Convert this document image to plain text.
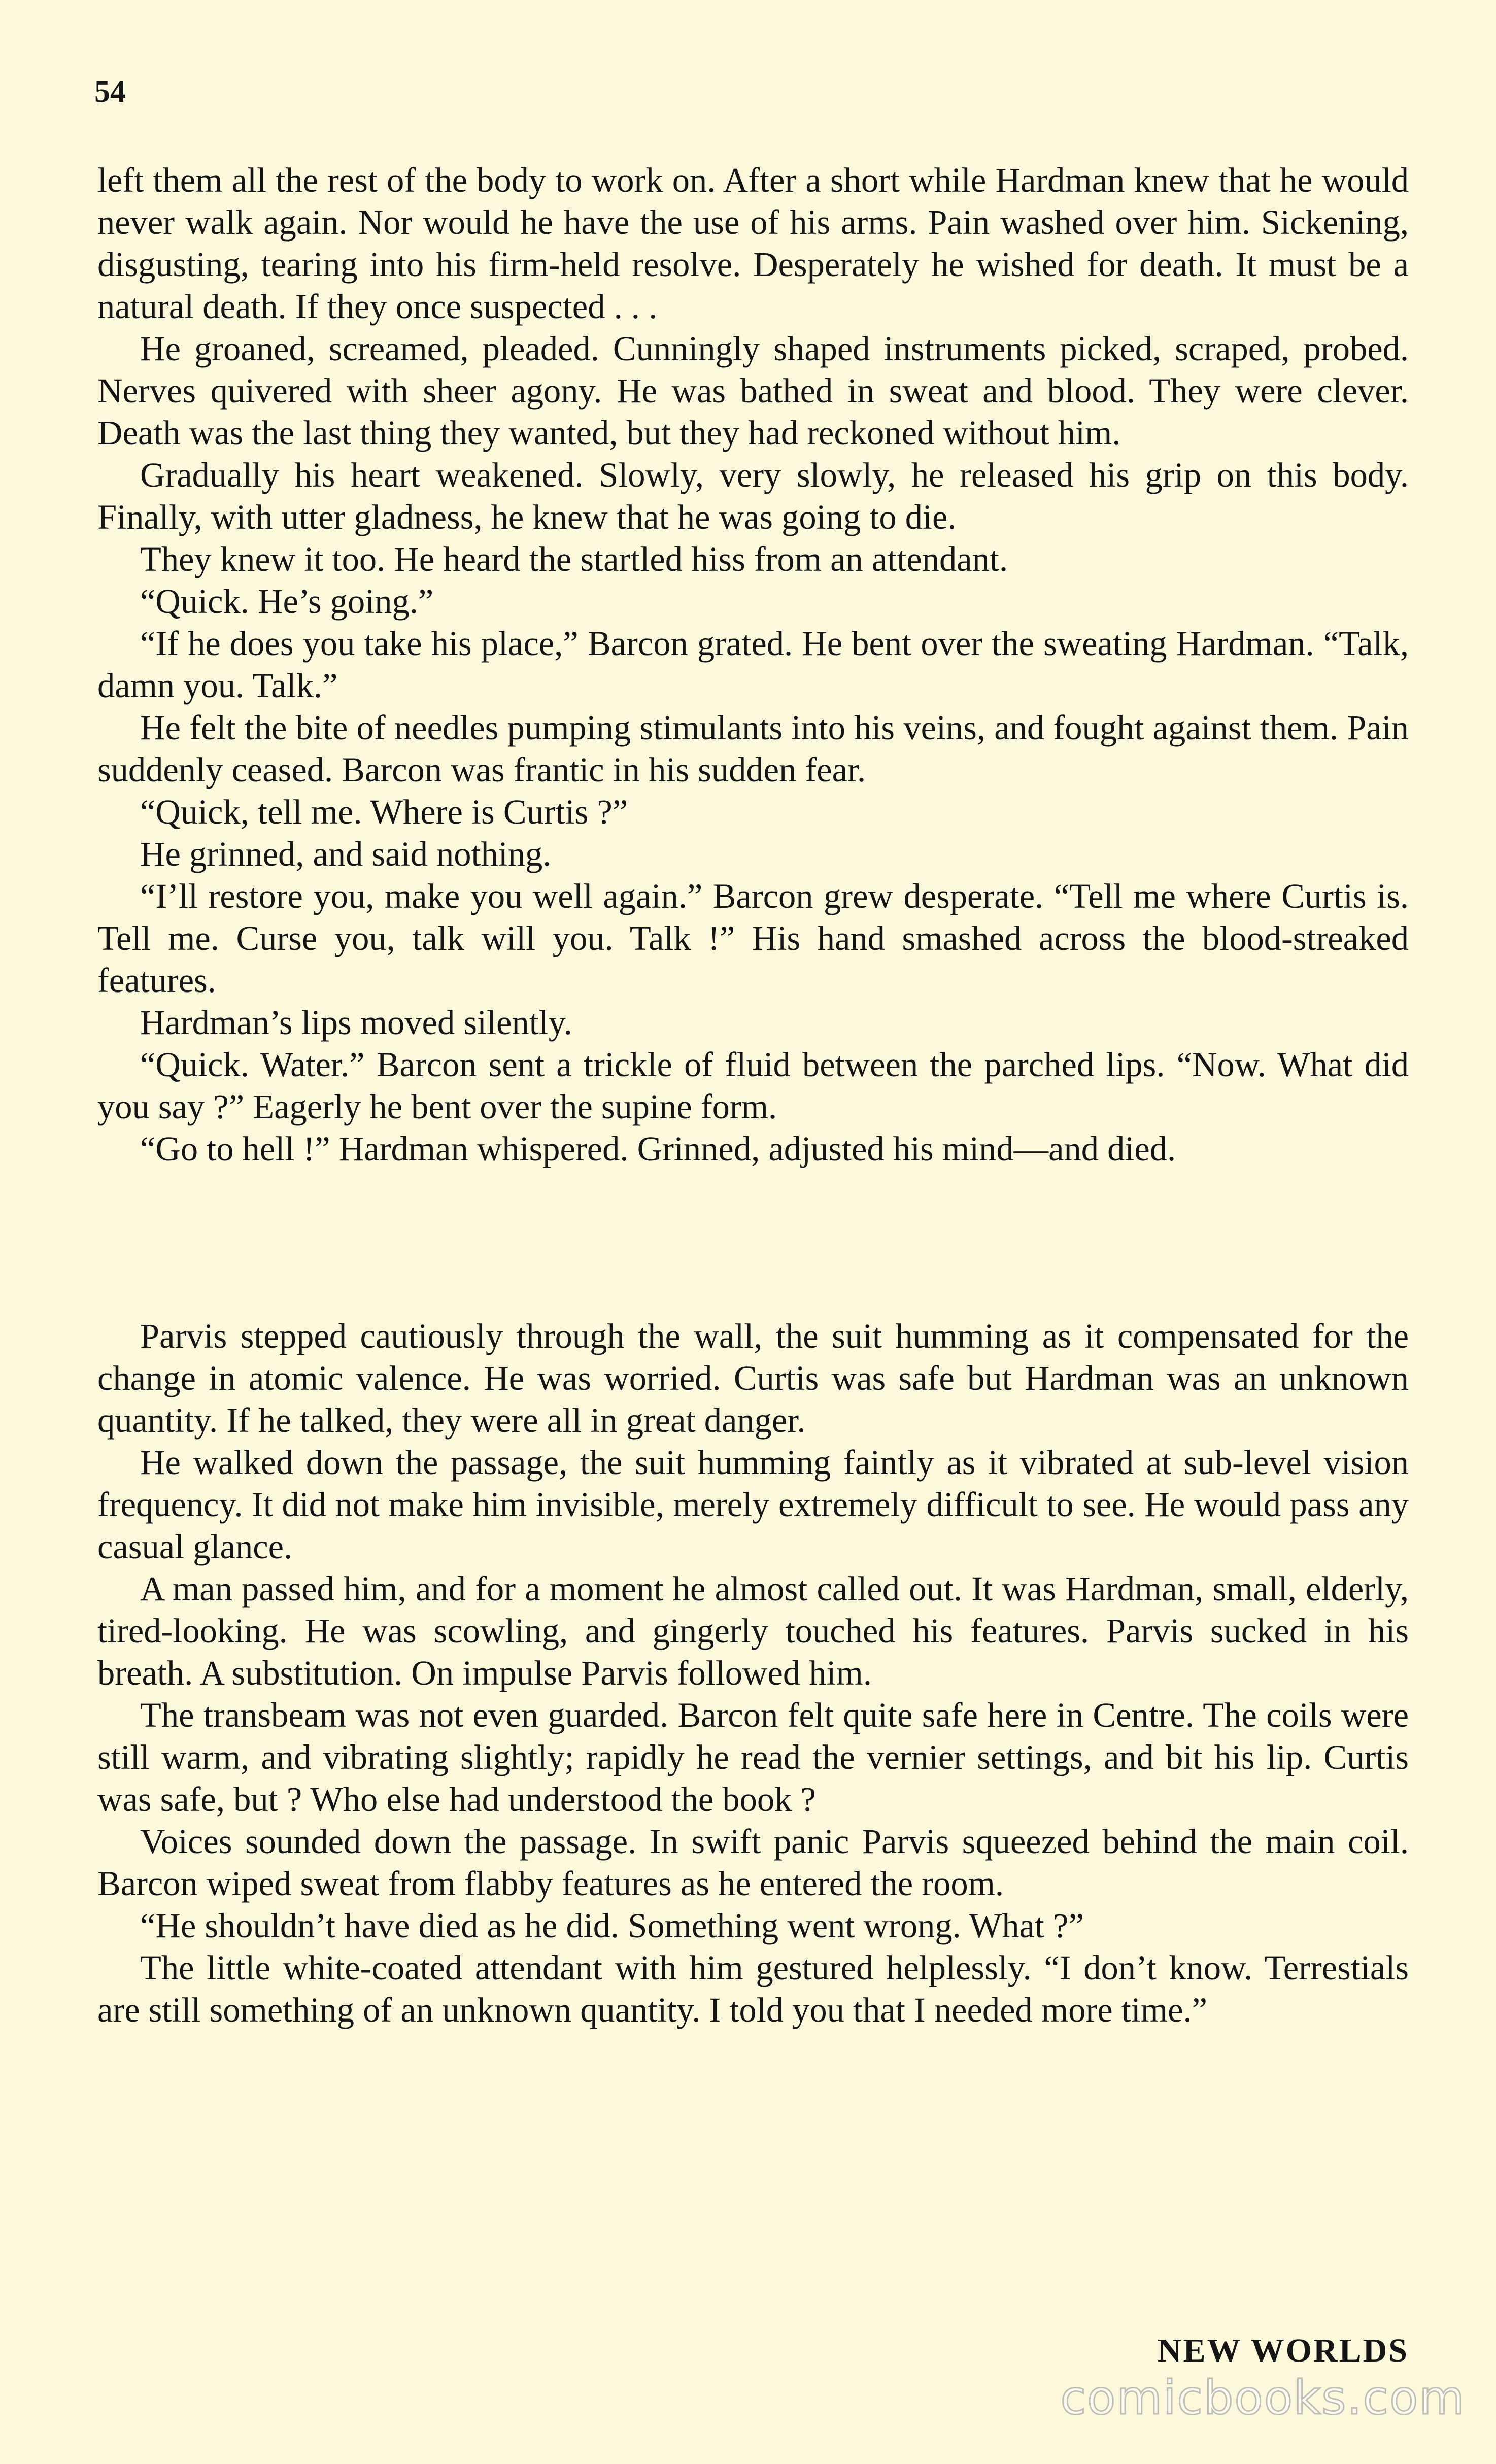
54

left them all the rest of the body to work on. After a short while Hardman knew that he would never walk again. Nor would he have the use of his arms. Pain washed over him. Sickening, disgusting, tearing into his firm-held resolve. Desperately he wished for death. It must be a natural death. If they once suspected . . .

He groaned, screamed, pleaded. Cunningly shaped instruments picked, scraped, probed. Nerves quivered with sheer agony. He was bathed in sweat and blood. They were clever. Death was the last thing they wanted, but they had reckoned without him.

Gradually his heart weakened. Slowly, very slowly, he released his grip on this body. Finally, with utter gladness, he knew that he was going to die.

They knew it too. He heard the startled hiss from an attendant.

“Quick. He’s going.”

“If he does you take his place,” Barcon grated. He bent over the sweating Hardman. “Talk, damn you. Talk.”

He felt the bite of needles pumping stimulants into his veins, and fought against them. Pain suddenly ceased. Barcon was frantic in his sudden fear.

“Quick, tell me. Where is Curtis ?”

He grinned, and said nothing.

“I’ll restore you, make you well again.” Barcon grew desperate. “Tell me where Curtis is. Tell me. Curse you, talk will you. Talk !” His hand smashed across the blood-streaked features.

Hardman’s lips moved silently.

“Quick. Water.” Barcon sent a trickle of fluid between the parched lips. “Now. What did you say ?” Eagerly he bent over the supine form.

“Go to hell !” Hardman whispered. Grinned, adjusted his mind—and died.

Parvis stepped cautiously through the wall, the suit humming as it compensated for the change in atomic valence. He was worried. Curtis was safe but Hardman was an unknown quantity. If he talked, they were all in great danger.

He walked down the passage, the suit humming faintly as it vibrated at sub-level vision frequency. It did not make him invisible, merely extremely difficult to see. He would pass any casual glance.

A man passed him, and for a moment he almost called out. It was Hardman, small, elderly, tired-looking. He was scowling, and gingerly touched his features. Parvis sucked in his breath. A substitution. On impulse Parvis followed him.

The transbeam was not even guarded. Barcon felt quite safe here in Centre. The coils were still warm, and vibrating slightly; rapidly he read the vernier settings, and bit his lip. Curtis was safe, but ? Who else had understood the book ?

Voices sounded down the passage. In swift panic Parvis squeezed behind the main coil. Barcon wiped sweat from flabby features as he entered the room.

“He shouldn’t have died as he did. Something went wrong. What ?”

The little white-coated attendant with him gestured helplessly. “I don’t know. Terrestials are still something of an unknown quantity. I told you that I needed more time.”

NEW WORLDS
comicbooks.com
